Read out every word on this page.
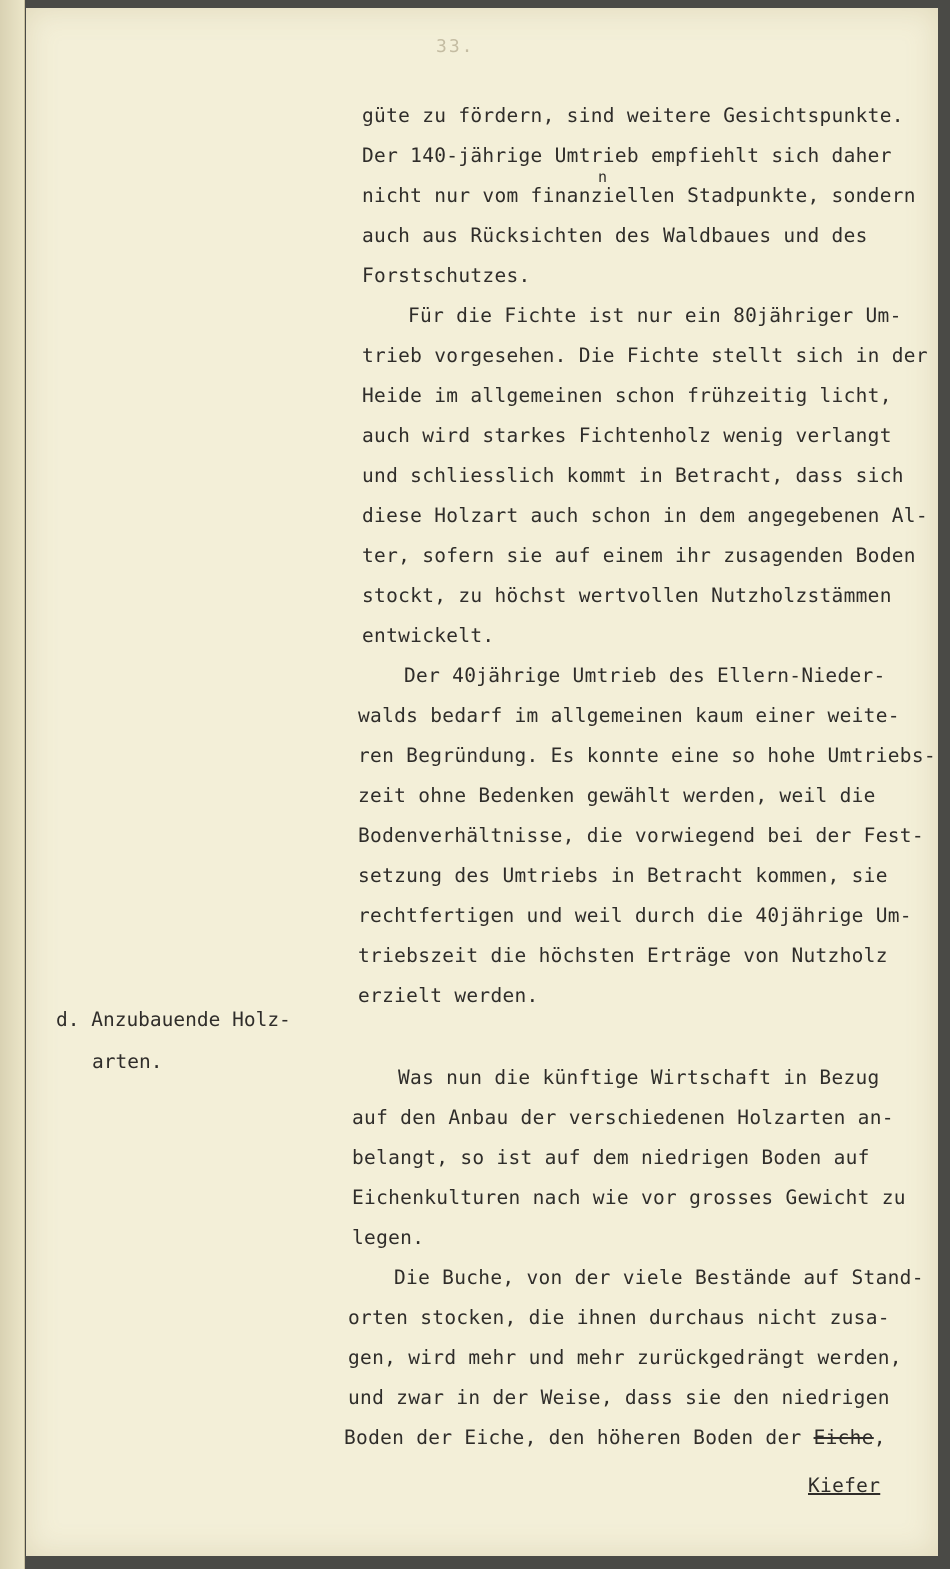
33.
d. Anzubauende Holz-
arten.
güte zu fördern, sind weitere Gesichtspunkte.
Der 140-jährige Umtrieb empfiehlt sich daher
nicht nur vom finanziellen Stadpunkte, sondern
n
auch aus Rücksichten des Waldbaues und des
Forstschutzes.
Für die Fichte ist nur ein 80jähriger Um-
trieb vorgesehen. Die Fichte stellt sich in der
Heide im allgemeinen schon frühzeitig licht,
auch wird starkes Fichtenholz wenig verlangt
und schliesslich kommt in Betracht, dass sich
diese Holzart auch schon in dem angegebenen Al-
ter, sofern sie auf einem ihr zusagenden Boden
stockt, zu höchst wertvollen Nutzholzstämmen
entwickelt.
Der 40jährige Umtrieb des Ellern-Nieder-
walds bedarf im allgemeinen kaum einer weite-
ren Begründung. Es konnte eine so hohe Umtriebs-
zeit ohne Bedenken gewählt werden, weil die
Bodenverhältnisse, die vorwiegend bei der Fest-
setzung des Umtriebs in Betracht kommen, sie
rechtfertigen und weil durch die 40jährige Um-
triebszeit die höchsten Erträge von Nutzholz
erzielt werden.
Was nun die künftige Wirtschaft in Bezug
auf den Anbau der verschiedenen Holzarten an-
belangt, so ist auf dem niedrigen Boden auf
Eichenkulturen nach wie vor grosses Gewicht zu
legen.
Die Buche, von der viele Bestände auf Stand-
orten stocken, die ihnen durchaus nicht zusa-
gen, wird mehr und mehr zurückgedrängt werden,
und zwar in der Weise, dass sie den niedrigen
Boden der Eiche, den höheren Boden der Eiche,
Kiefer
